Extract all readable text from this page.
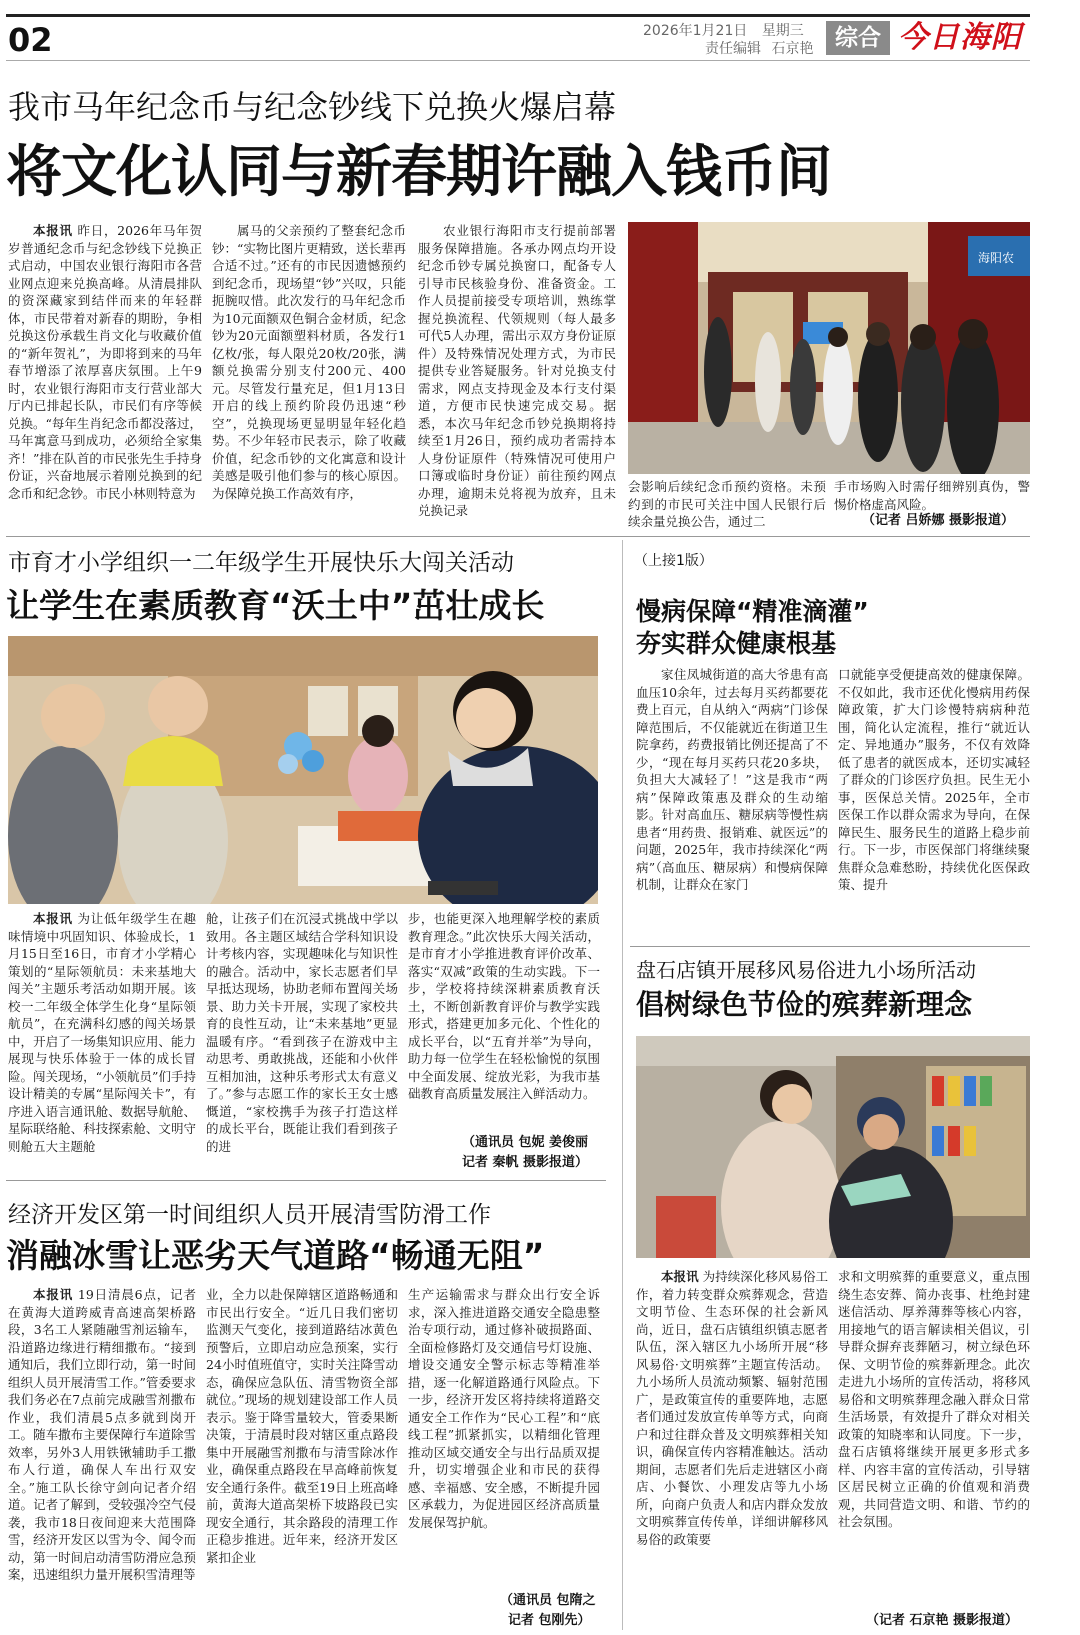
02	2026年1月21日 星期三
责任编辑 石京艳 综合 今日海阳
我市马年纪念币与纪念钞线下兑换火爆启幕
将文化认同与新春期许融入钱币间

本报讯 昨日，2026年马年贺岁普通纪念币与纪念钞线下兑换正式启动，中国农业银行海阳市各营业网点迎来兑换高峰。从清晨排队的资深藏家到结伴而来的年轻群体，市民带着对新春的期盼，争相兑换这份承载生肖文化与收藏价值的“新年贺礼”，为即将到来的马年春节增添了浓厚喜庆氛围。上午9时，农业银行海阳市支行营业部大厅内已排起长队，市民们有序等候兑换。“每年生肖纪念币都没落过，马年寓意马到成功，必须给全家集齐！”排在队首的市民张先生手持身份证，兴奋地展示着刚兑换到的纪念币和纪念钞。市民小林则特意为

属马的父亲预约了整套纪念币钞：“实物比图片更精致，送长辈再合适不过。”还有的市民因遗憾预约到纪念币，现场望“钞”兴叹，只能扼腕叹惜。此次发行的马年纪念币为10元面额双色铜合金材质，纪念钞为20元面额塑料材质，各发行1亿枚/张，每人限兑20枚/20张，满额兑换需分别支付200元、400元。尽管发行量充足，但1月13日开启的线上预约阶段仍迅速“秒空”，兑换现场更显明显年轻化趋势。不少年轻市民表示，除了收藏价值，纪念币钞的文化寓意和设计美感是吸引他们参与的核心原因。为保障兑换工作高效有序，

农业银行海阳市支行提前部署服务保障措施。各承办网点均开设纪念币钞专属兑换窗口，配备专人引导市民核验身份、准备资金。工作人员提前接受专项培训，熟练掌握兑换流程、代领规则（每人最多可代5人办理，需出示双方身份证原件）及特殊情况处理方式，为市民提供专业答疑服务。针对兑换支付需求，网点支持现金及本行支付渠道，方便市民快速完成交易。据悉，本次马年纪念币钞兑换期将持续至1月26日，预约成功者需持本人身份证原件（特殊情况可使用户口簿或临时身份证）前往预约网点办理，逾期未兑将视为放弃，且未兑换记录

会影响后续纪念币预约资格。未预约到的市民可关注中国人民银行后续余量兑换公告，通过二

手市场购入时需仔细辨别真伪，警惕价格虚高风险。

（记者 吕娇娜 摄影报道）
海阳农
市育才小学组织一二年级学生开展快乐大闯关活动
让学生在素质教育“沃土中”茁壮成长

本报讯 为让低年级学生在趣味情境中巩固知识、体验成长，1月15日至16日，市育才小学精心策划的“星际领航员：未来基地大闯关”主题乐考活动如期开展。该校一二年级全体学生化身“星际领航员”，在充满科幻感的闯关场景中，开启了一场集知识应用、能力展现与快乐体验于一体的成长冒险。闯关现场，“小领航员”们手持设计精美的专属“星际闯关卡”，有序进入语言通讯舱、数据导航舱、星际联络舱、科技探索舱、文明守则舱五大主题舱

舱，让孩子们在沉浸式挑战中学以致用。各主题区域结合学科知识设计考核内容，实现趣味化与知识性的融合。活动中，家长志愿者们早早抵达现场，协助老师布置闯关场景、助力关卡开展，实现了家校共育的良性互动，让“未来基地”更显温暖有序。“看到孩子在游戏中主动思考、勇敢挑战，还能和小伙伴互相加油，这种乐考形式太有意义了。”参与志愿工作的家长王女士感慨道，“家校携手为孩子打造这样的成长平台，既能让我们看到孩子的进

步，也能更深入地理解学校的素质教育理念。”此次快乐大闯关活动，是市育才小学推进教育评价改革、落实“双减”政策的生动实践。下一步，学校将持续深耕素质教育沃土，不断创新教育评价与教学实践形式，搭建更加多元化、个性化的成长平台，以“五育并举”为导向，助力每一位学生在轻松愉悦的氛围中全面发展、绽放光彩，为我市基础教育高质量发展注入鲜活动力。

（通讯员 包妮 姜俊丽
记者 秦帆 摄影报道）
经济开发区第一时间组织人员开展清雪防滑工作
消融冰雪让恶劣天气道路“畅通无阻”

本报讯 19日清晨6点，记者在黄海大道跨威青高速高架桥路段，3名工人紧随融雪剂运输车，沿道路边缘进行精细撒布。“接到通知后，我们立即行动，第一时间组织人员开展清雪工作。”管委要求我们务必在7点前完成融雪剂撒布作业，我们清晨5点多就到岗开工。随车撒布主要保障行车道除雪效率，另外3人用铁锹辅助手工撒布人行道，确保人车出行双安全。”施工队长徐守剑向记者介绍道。记者了解到，受较强冷空气侵袭，我市18日夜间迎来大范围降雪，经济开发区以雪为令、闻令而动，第一时间启动清雪防滑应急预案，迅速组织力量开展积雪清理等

业，全力以赴保障辖区道路畅通和市民出行安全。“近几日我们密切监测天气变化，接到道路结冰黄色预警后，立即启动应急预案，实行24小时值班值守，实时关注降雪动态，确保应急队伍、清雪物资全部就位。”现场的规划建设部工作人员表示。鉴于降雪量较大，管委果断决策，于清晨时段对辖区重点路段集中开展融雪剂撒布与清雪除冰作业，确保重点路段在早高峰前恢复安全通行条件。截至19日上班高峰前，黄海大道高架桥下坡路段已实现安全通行，其余路段的清理工作正稳步推进。近年来，经济开发区紧扣企业

生产运输需求与群众出行安全诉求，深入推进道路交通安全隐患整治专项行动，通过修补破损路面、全面检修路灯及交通信号灯设施、增设交通安全警示标志等精准举措，逐一化解道路通行风险点。下一步，经济开发区将持续将道路交通安全工作作为“民心工程”和“底线工程”抓紧抓实，以精细化管理推动区域交通安全与出行品质双提升，切实增强企业和市民的获得感、幸福感、安全感，不断提升园区承载力，为促进园区经济高质量发展保驾护航。

（通讯员 包隋之
记者 包刚先）
（上接1版）
慢病保障“精准滴灌”
夯实群众健康根基

家住凤城街道的高大爷患有高血压10余年，过去每月买药都要花费上百元，自从纳入“两病”门诊保障范围后，不仅能就近在街道卫生院拿药，药费报销比例还提高了不少，“现在每月买药只花20多块，负担大大减轻了！”这是我市“两病”保障政策惠及群众的生动缩影。针对高血压、糖尿病等慢性病患者“用药贵、报销难、就医远”的问题，2025年，我市持续深化“两病”（高血压、糖尿病）和慢病保障机制，让群众在家门

口就能享受便捷高效的健康保障。不仅如此，我市还优化慢病用药保障政策，扩大门诊慢特病病种范围，简化认定流程，推行“就近认定、异地通办”服务，不仅有效降低了患者的就医成本，还切实减轻了群众的门诊医疗负担。民生无小事，医保总关情。2025年，全市医保工作以群众需求为导向，在保障民生、服务民生的道路上稳步前行。下一步，市医保部门将继续聚焦群众急难愁盼，持续优化医保政策、提升

盘石店镇开展移风易俗进九小场所活动
倡树绿色节俭的殡葬新理念

本报讯 为持续深化移风易俗工作，着力转变群众殡葬观念，营造文明节俭、生态环保的社会新风尚，近日，盘石店镇组织镇志愿者队伍，深入辖区九小场所开展“移风易俗·文明殡葬”主题宣传活动。九小场所人员流动频繁、辐射范围广，是政策宣传的重要阵地，志愿者们通过发放宣传单等方式，向商户和过往群众普及文明殡葬相关知识，确保宣传内容精准触达。活动期间，志愿者们先后走进辖区小商店、小餐饮、小理发店等九小场所，向商户负责人和店内群众发放文明殡葬宣传传单，详细讲解移风易俗的政策要

求和文明殡葬的重要意义，重点围绕生态安葬、简办丧事、杜绝封建迷信活动、厚养薄葬等核心内容，用接地气的语言解读相关倡议，引导群众摒弃丧葬陋习，树立绿色环保、文明节俭的殡葬新理念。此次走进九小场所的宣传活动，将移风易俗和文明殡葬理念融入群众日常生活场景，有效提升了群众对相关政策的知晓率和认同度。下一步，盘石店镇将继续开展更多形式多样、内容丰富的宣传活动，引导辖区居民树立正确的价值观和消费观，共同营造文明、和谐、节约的社会氛围。

（记者 石京艳 摄影报道）
